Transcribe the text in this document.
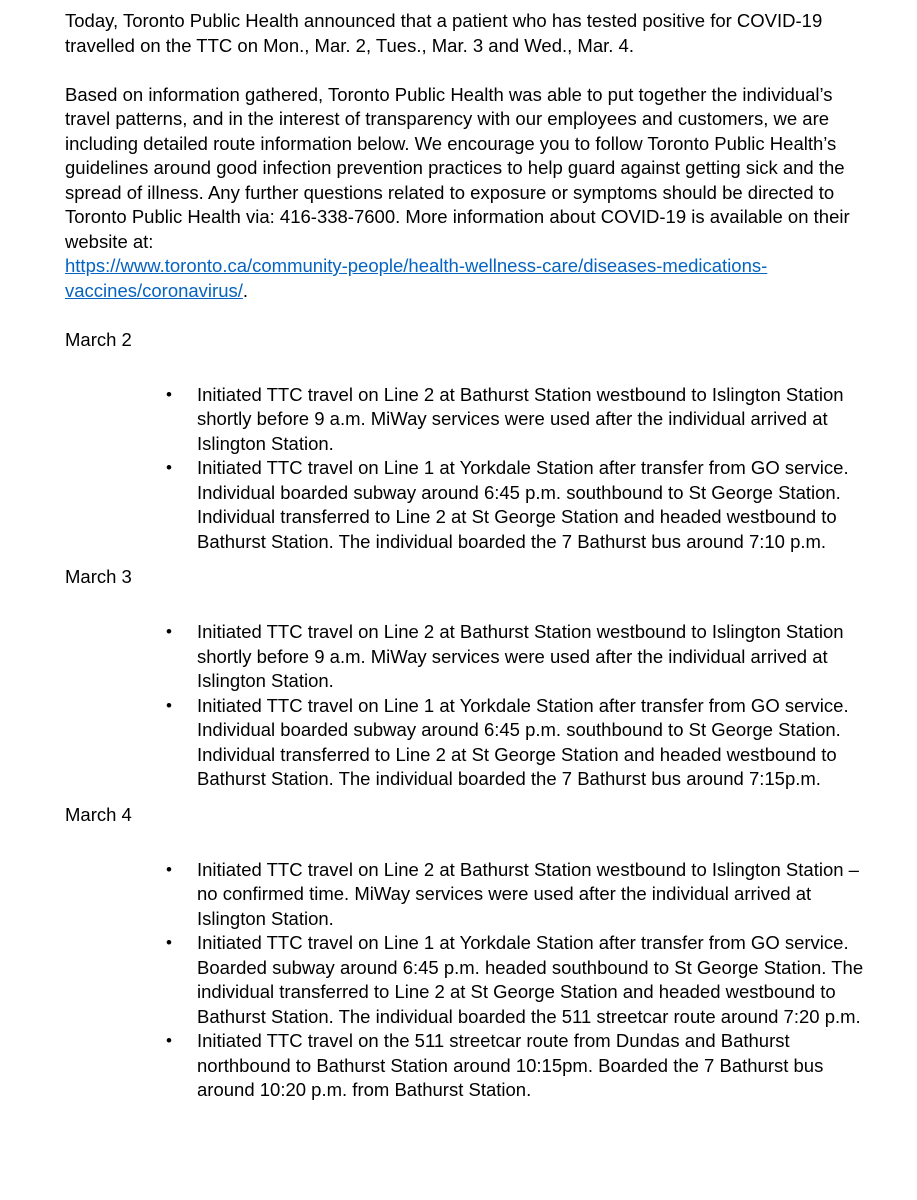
Today, Toronto Public Health announced that a patient who has tested positive for COVID-19 travelled on the TTC on Mon., Mar. 2, Tues., Mar. 3 and Wed., Mar. 4.

Based on information gathered, Toronto Public Health was able to put together the individual’s travel patterns, and in the interest of transparency with our employees and customers, we are including detailed route information below. We encourage you to follow Toronto Public Health’s guidelines around good infection prevention practices to help guard against getting sick and the spread of illness. Any further questions related to exposure or symptoms should be directed to Toronto Public Health via: 416-338-7600. More information about COVID-19 is available on their website at:
https://www.toronto.ca/community-people/health-wellness-care/diseases-medications-vaccines/coronavirus/.

March 2

• Initiated TTC travel on Line 2 at Bathurst Station westbound to Islington Station shortly before 9 a.m. MiWay services were used after the individual arrived at Islington Station.
• Initiated TTC travel on Line 1 at Yorkdale Station after transfer from GO service. Individual boarded subway around 6:45 p.m. southbound to St George Station. Individual transferred to Line 2 at St George Station and headed westbound to Bathurst Station. The individual boarded the 7 Bathurst bus around 7:10 p.m.

March 3

• Initiated TTC travel on Line 2 at Bathurst Station westbound to Islington Station shortly before 9 a.m. MiWay services were used after the individual arrived at Islington Station.
• Initiated TTC travel on Line 1 at Yorkdale Station after transfer from GO service. Individual boarded subway around 6:45 p.m. southbound to St George Station. Individual transferred to Line 2 at St George Station and headed westbound to Bathurst Station. The individual boarded the 7 Bathurst bus around 7:15p.m.

March 4

• Initiated TTC travel on Line 2 at Bathurst Station westbound to Islington Station – no confirmed time. MiWay services were used after the individual arrived at Islington Station.
• Initiated TTC travel on Line 1 at Yorkdale Station after transfer from GO service. Boarded subway around 6:45 p.m. headed southbound to St George Station. The individual transferred to Line 2 at St George Station and headed westbound to Bathurst Station. The individual boarded the 511 streetcar route around 7:20 p.m.
• Initiated TTC travel on the 511 streetcar route from Dundas and Bathurst northbound to Bathurst Station around 10:15pm. Boarded the 7 Bathurst bus around 10:20 p.m. from Bathurst Station.
